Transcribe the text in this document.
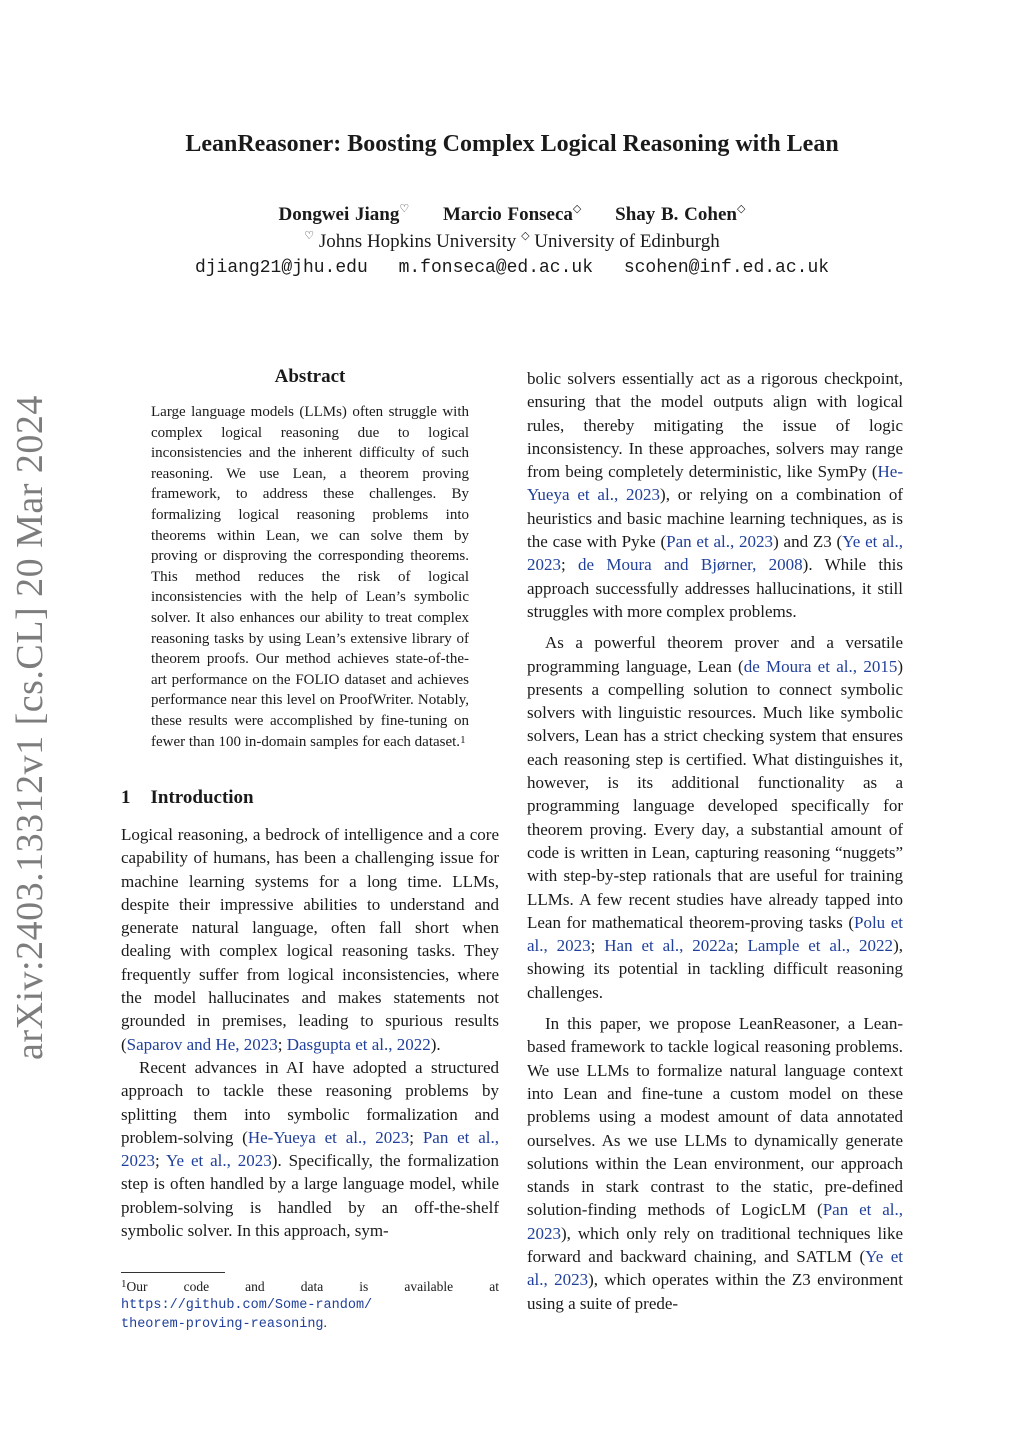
arXiv:2403.13312v1 [cs.CL] 20 Mar 2024
LeanReasoner: Boosting Complex Logical Reasoning with Lean
Dongwei Jiang♡ Marcio Fonseca◇ Shay B. Cohen◇
♡ Johns Hopkins University ◇ University of Edinburgh
djiang21@jhu.edu m.fonseca@ed.ac.uk scohen@inf.ed.ac.uk
Abstract
Large language models (LLMs) often struggle with complex logical reasoning due to logical inconsistencies and the inherent difficulty of such reasoning. We use Lean, a theorem proving framework, to address these challenges. By formalizing logical reasoning problems into theorems within Lean, we can solve them by proving or disproving the corresponding theorems. This method reduces the risk of logical inconsistencies with the help of Lean’s symbolic solver. It also enhances our ability to treat complex reasoning tasks by using Lean’s extensive library of theorem proofs. Our method achieves state-of-the-art performance on the FOLIO dataset and achieves performance near this level on ProofWriter. Notably, these results were accomplished by fine-tuning on fewer than 100 in-domain samples for each dataset.$^1$
1 Introduction

Logical reasoning, a bedrock of intelligence and a core capability of humans, has been a challenging issue for machine learning systems for a long time. LLMs, despite their impressive abilities to understand and generate natural language, often fall short when dealing with complex logical reasoning tasks. They frequently suffer from logical inconsistencies, where the model hallucinates and makes statements not grounded in premises, leading to spurious results (Saparov and He, 2023; Dasgupta et al., 2022).

Recent advances in AI have adopted a structured approach to tackle these reasoning problems by splitting them into symbolic formalization and problem-solving (He-Yueya et al., 2023; Pan et al., 2023; Ye et al., 2023). Specifically, the formalization step is often handled by a large language model, while problem-solving is handled by an off-the-shelf symbolic solver. In this approach, sym-

$^1$Our	code	and	data	is	available	at
https://github.com/Some-random/
theorem-proving-reasoning.

bolic solvers essentially act as a rigorous checkpoint, ensuring that the model outputs align with logical rules, thereby mitigating the issue of logic inconsistency. In these approaches, solvers may range from being completely deterministic, like SymPy (He-Yueya et al., 2023), or relying on a combination of heuristics and basic machine learning techniques, as is the case with Pyke (Pan et al., 2023) and Z3 (Ye et al., 2023; de Moura and Bjørner, 2008). While this approach successfully addresses hallucinations, it still struggles with more complex problems.

As a powerful theorem prover and a versatile programming language, Lean (de Moura et al., 2015) presents a compelling solution to connect symbolic solvers with linguistic resources. Much like symbolic solvers, Lean has a strict checking system that ensures each reasoning step is certified. What distinguishes it, however, is its additional functionality as a programming language developed specifically for theorem proving. Every day, a substantial amount of code is written in Lean, capturing reasoning “nuggets” with step-by-step rationals that are useful for training LLMs. A few recent studies have already tapped into Lean for mathematical theorem-proving tasks (Polu et al., 2023; Han et al., 2022a; Lample et al., 2022), showing its potential in tackling difficult reasoning challenges.

In this paper, we propose LeanReasoner, a Lean-based framework to tackle logical reasoning problems. We use LLMs to formalize natural language context into Lean and fine-tune a custom model on these problems using a modest amount of data annotated ourselves. As we use LLMs to dynamically generate solutions within the Lean environment, our approach stands in stark contrast to the static, pre-defined solution-finding methods of LogicLM (Pan et al., 2023), which only rely on traditional techniques like forward and backward chaining, and SATLM (Ye et al., 2023), which operates within the Z3 environment using a suite of prede-
